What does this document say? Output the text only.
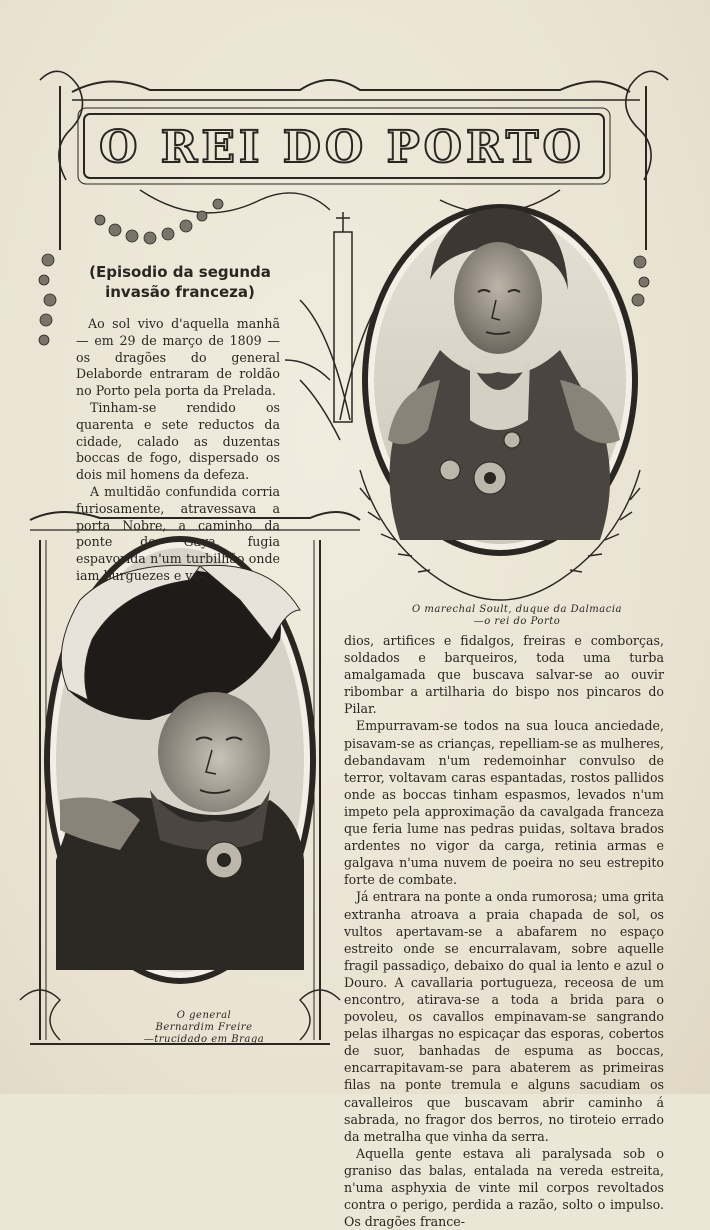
O REI DO PORTO
(Episodio da segunda invasão franceza)

Ao sol vivo d'aquella manhã — em 29 de março de 1809 — os dragões do general Delaborde entraram de roldão no Porto pela porta da Prelada.

Tinham-se rendido os quarenta e sete reductos da cidade, calado as duzentas boccas de fogo, dispersado os dois mil homens da defeza.

A multidão confundida corria furiosamente, atravessava a porta Nobre, a caminho da ponte de Gaya, fugia espavorida n'um turbilhão onde iam burguezes e va-

O marechal Soult, duque da Dalmacia
—o rei do Porto
O general
Bernardim Freire
—trucidado em Braga

dios, artifices e fidalgos, freiras e comborças, soldados e barqueiros, toda uma turba amalgamada que buscava salvar-se ao ouvir ribombar a artilharia do bispo nos pincaros do Pilar.

Empurravam-se todos na sua louca anciedade, pisavam-se as crianças, repelliam-se as mulheres, debandavam n'um redemoinhar convulso de terror, voltavam caras espantadas, rostos pallidos onde as boccas tinham espasmos, levados n'um impeto pela approximação da cavalgada franceza que feria lume nas pedras puidas, soltava brados ardentes no vigor da carga, retinia armas e galgava n'uma nuvem de poeira no seu estrepito forte de combate.

Já entrara na ponte a onda rumorosa; uma grita extranha atroava a praia chapada de sol, os vultos apertavam-se a abafarem no espaço estreito onde se encurralavam, sobre aquelle fragil passadiço, debaixo do qual ia lento e azul o Douro. A cavallaria portugueza, receosa de um encontro, atirava-se a toda a brida para o povoleu, os cavallos empinavam-se sangrando pelas ilhargas no espicaçar das esporas, cobertos de suor, banhadas de espuma as boccas, encarrapitavam-se para abaterem as primeiras filas na ponte tremula e alguns sacudiam os cavalleiros que buscavam abrir caminho á sabrada, no fragor dos berros, no tiroteio errado da metralha que vinha da serra.

Aquella gente estava ali paralysada sob o granisо das balas, entalada na vereda estreita, n'uma asphyxia de vinte mil corpos revoltados contra o perigo, perdida a razão, solto o impulso. Os dragões france-
